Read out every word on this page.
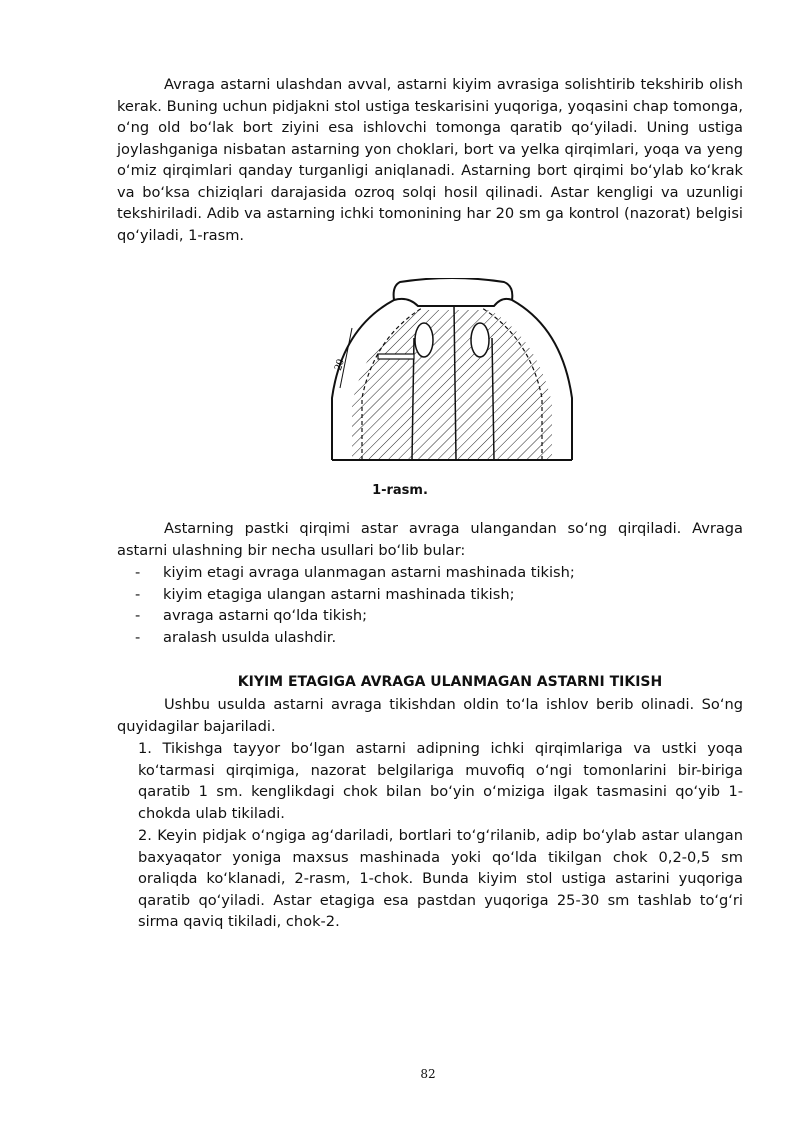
Avraga astarni ulashdan avval, astarni kiyim avrasiga solishtirib tekshirib olish kerak. Buning uchun pidjakni stol ustiga teskarisini yuqoriga, yoqasini chap tomonga, o‘ng old bo‘lak bort ziyini esa ishlovchi tomonga qaratib qo‘yiladi. Uning ustiga joylashganiga nisbatan astarning yon choklari, bort va yelka qirqimlari, yoqa va yeng o‘miz qirqimlari qanday turganligi aniqlanadi. Astarning bort qirqimi bo‘ylab ko‘krak va bo‘ksa chiziqlari darajasida ozroq solqi hosil qilinadi. Astar kengligi va uzunligi tekshiriladi. Adib va astarning ichki tomonining har 20 sm ga kontrol (nazorat) belgisi qo‘yiladi, 1-rasm.

20
1-rasm.

Astarning pastki qirqimi astar avraga ulangandan so‘ng qirqiladi. Avraga astarni ulashning bir necha usullari bo‘lib bular:

- kiyim etagi avraga ulanmagan astarni mashinada tikish;
- kiyim etagiga ulangan astarni mashinada tikish;
- avraga astarni qo‘lda tikish;
- aralash usulda ulashdir.
KIYIM ETAGIGA AVRAGA ULANMAGAN ASTARNI TIKISH

Ushbu usulda astarni avraga tikishdan oldin to‘la ishlov berib olinadi. So‘ng quyidagilar bajariladi.

1. Tikishga tayyor bo‘lgan astarni adipning ichki qirqimlariga va ustki yoqa ko‘tarmasi qirqimiga, nazorat belgilariga muvofiq o‘ngi tomonlarini bir-biriga qaratib 1 sm. kenglikdagi chok bilan bo‘yin o‘miziga ilgak tasmasini qo‘yib 1-chokda ulab tikiladi.

2. Keyin pidjak o‘ngiga ag‘dariladi, bortlari to‘g‘rilanib, adip bo‘ylab astar ulangan baxyaqator yoniga maxsus mashinada yoki qo‘lda tikilgan chok 0,2-0,5 sm oraliqda ko‘klanadi, 2-rasm, 1-chok. Bunda kiyim stol ustiga astarini yuqoriga qaratib qo‘yiladi. Astar etagiga esa pastdan yuqoriga 25-30 sm tashlab to‘g‘ri sirma qaviq tikiladi, chok-2.

82
